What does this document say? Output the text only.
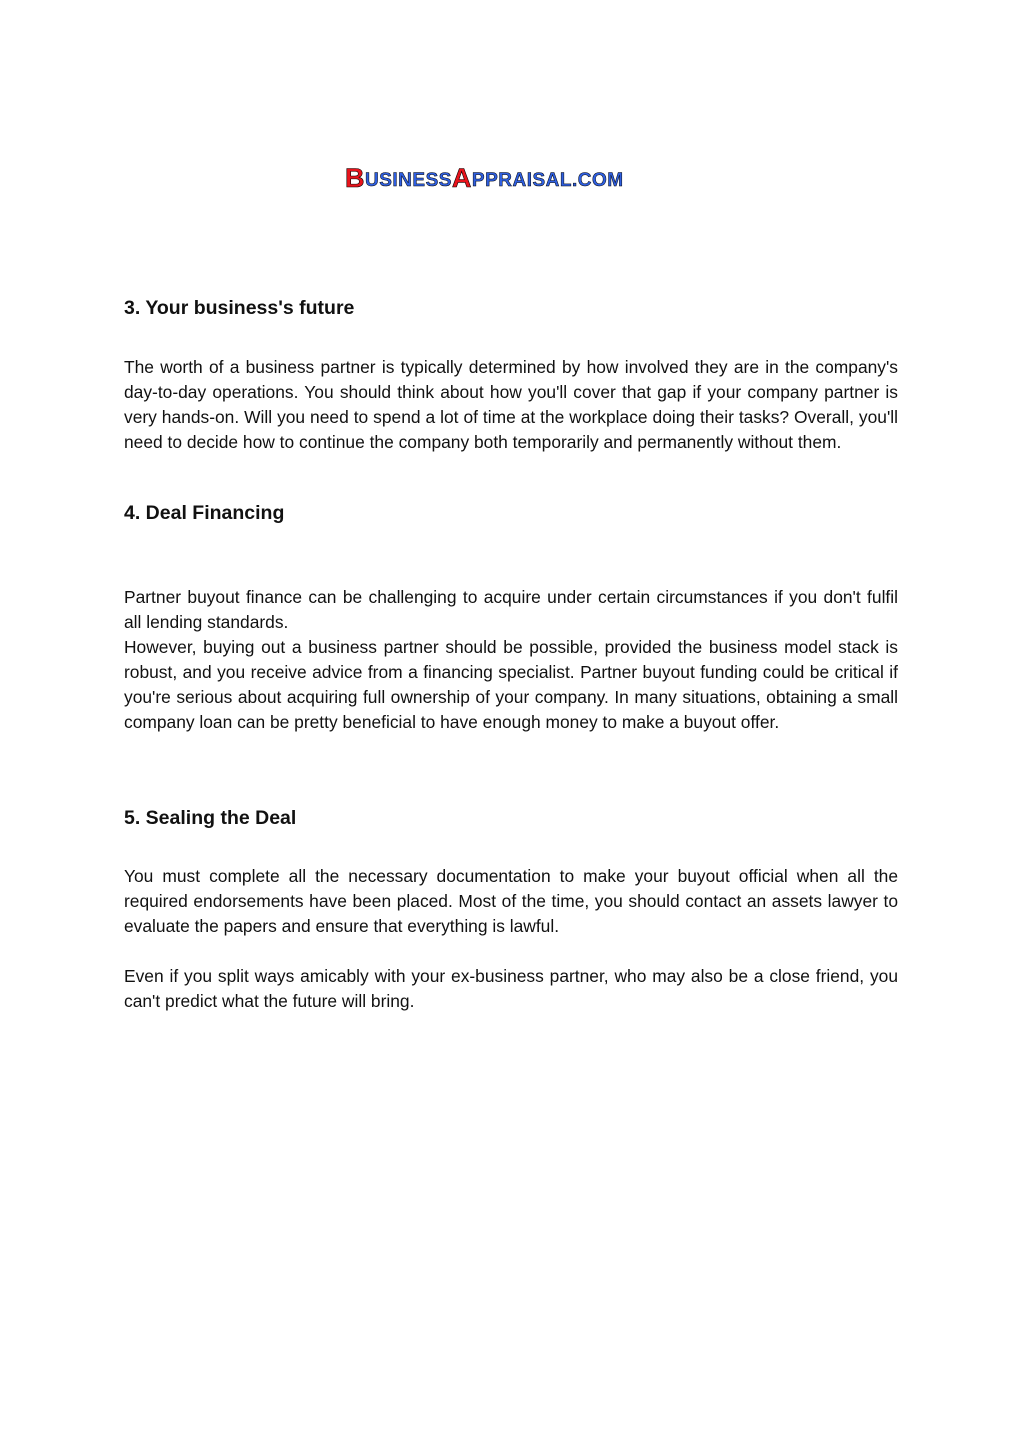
B USINESS A PPRAISAL.COM
3. Your business's future

The worth of a business partner is typically determined by how involved they are in the company's day-to-day operations. You should think about how you'll cover that gap if your company partner is very hands-on. Will you need to spend a lot of time at the workplace doing their tasks? Overall, you'll need to decide how to continue the company both temporarily and permanently without them.

4. Deal Financing

Partner buyout finance can be challenging to acquire under certain circumstances if you don't fulfil all lending standards.

However, buying out a business partner should be possible, provided the business model stack is robust, and you receive advice from a financing specialist. Partner buyout funding could be critical if you're serious about acquiring full ownership of your company. In many situations, obtaining a small company loan can be pretty beneficial to have enough money to make a buyout offer.

5. Sealing the Deal

You must complete all the necessary documentation to make your buyout official when all the required endorsements have been placed. Most of the time, you should contact an assets lawyer to evaluate the papers and ensure that everything is lawful.

Even if you split ways amicably with your ex-business partner, who may also be a close friend, you can't predict what the future will bring.
